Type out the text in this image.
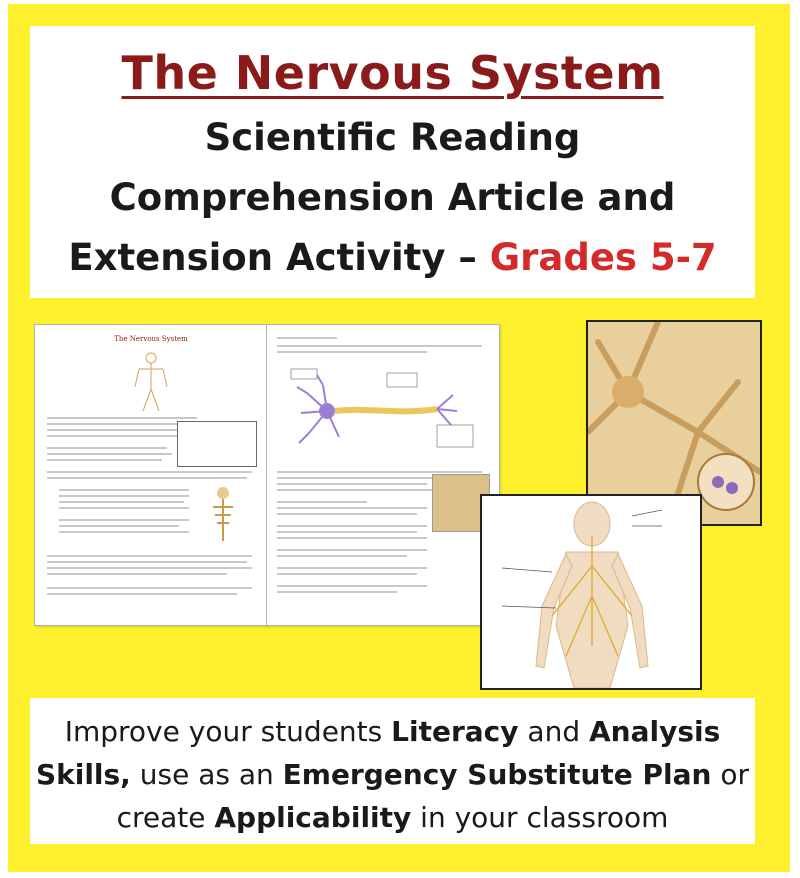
The Nervous System
Scientific Reading
Comprehension Article and
Extension Activity – Grades 5-7
The Nervous System
Improve your students Literacy and Analysis
Skills, use as an Emergency Substitute Plan or
create Applicability in your classroom
